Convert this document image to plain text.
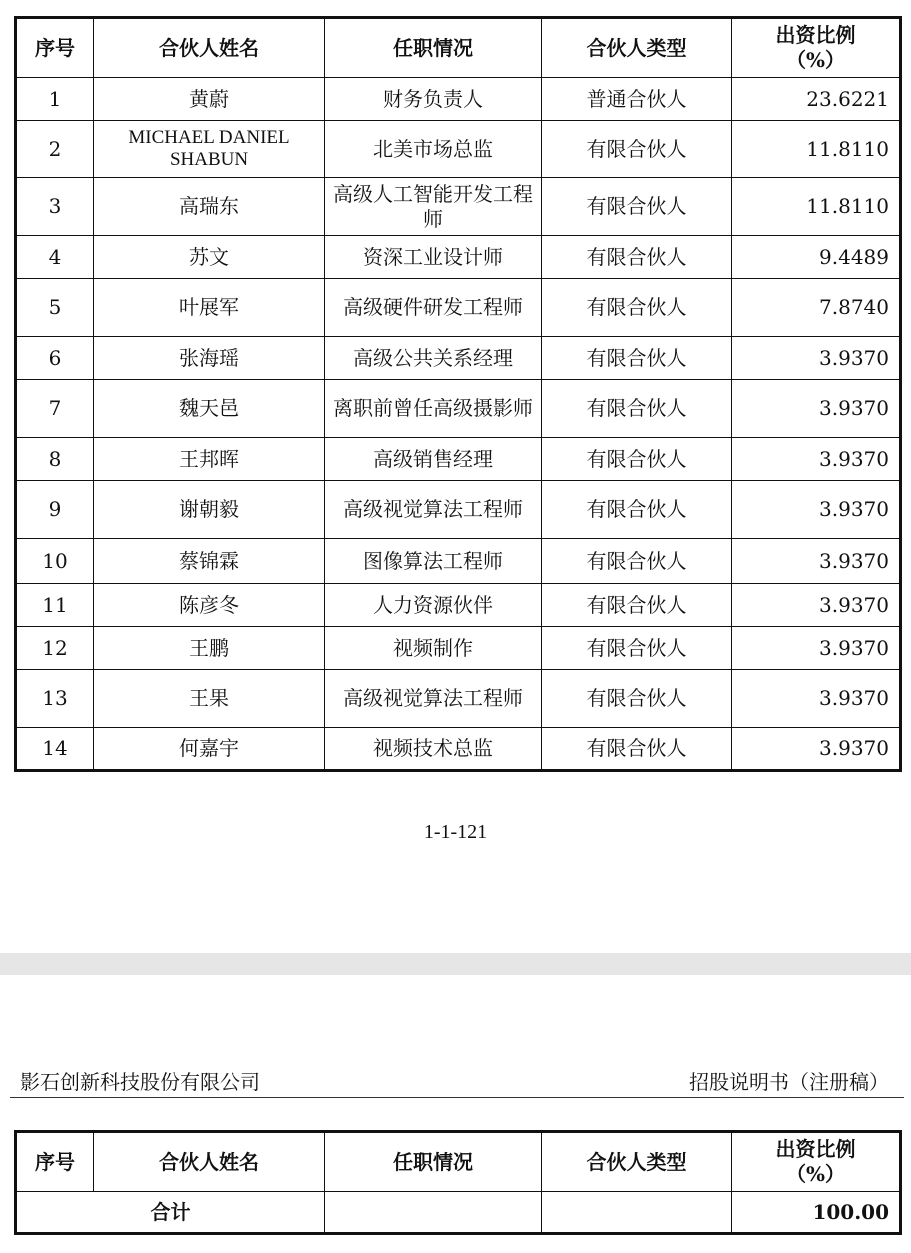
序号	合伙人姓名	任职情况	合伙人类型	出资比例
（%）

1	黄蔚	财务负责人	普通合伙人	23.6221
2	MICHAEL DANIEL SHABUN	北美市场总监	有限合伙人	11.8110
3	高瑞东	高级人工智能开发工程师	有限合伙人	11.8110
4	苏文	资深工业设计师	有限合伙人	9.4489
5	叶展军	高级硬件研发工程师	有限合伙人	7.8740
6	张海瑶	高级公共关系经理	有限合伙人	3.9370
7	魏天邑	离职前曾任高级摄影师	有限合伙人	3.9370
8	王邦晖	高级销售经理	有限合伙人	3.9370
9	谢朝毅	高级视觉算法工程师	有限合伙人	3.9370
10	蔡锦霖	图像算法工程师	有限合伙人	3.9370
11	陈彦冬	人力资源伙伴	有限合伙人	3.9370
12	王鹏	视频制作	有限合伙人	3.9370
13	王果	高级视觉算法工程师	有限合伙人	3.9370
14	何嘉宇	视频技术总监	有限合伙人	3.9370
1-1-121
影石创新科技股份有限公司	招股说明书（注册稿）
序号	合伙人姓名	任职情况	合伙人类型	出资比例
（%）

合计				100.00
